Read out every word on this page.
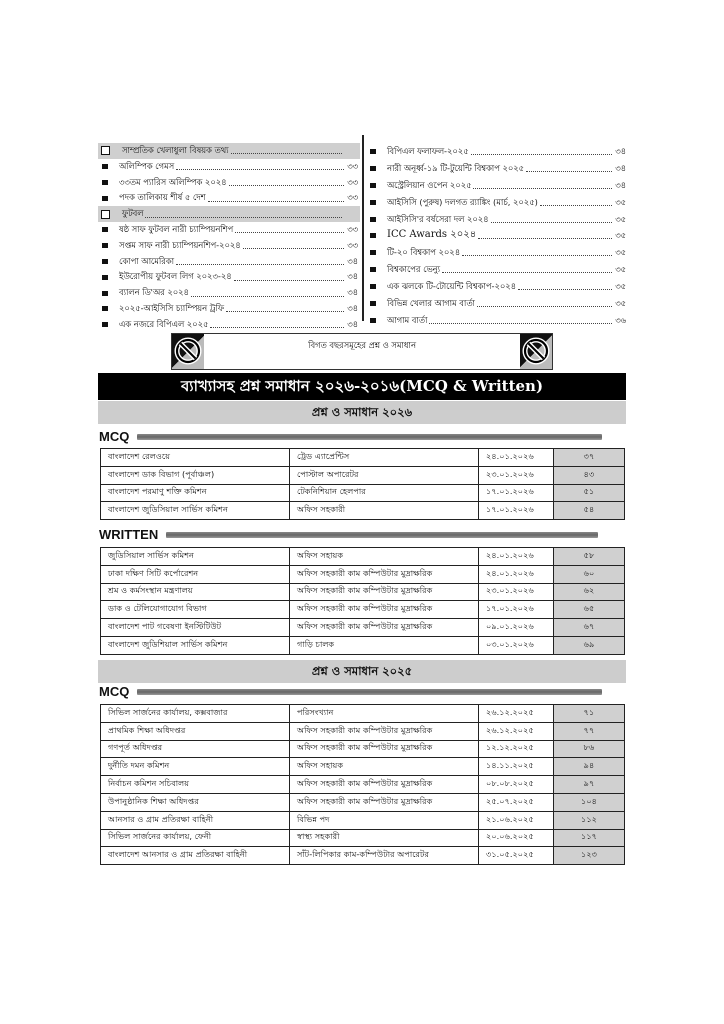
সাম্প্রতিক খেলাধুলা বিষয়ক তথ্য
অলিম্পিক গেমস	৩৩
৩৩তম প্যারিস অলিম্পিক ২০২৪	৩৩
পদক তালিকায় শীর্ষ ৫ দেশ	৩৩
ফুটবল
ষষ্ঠ সাফ ফুটবল নারী চ্যাম্পিয়নশিপ	৩৩
সপ্তম সাফ নারী চ্যাম্পিয়নশিপ-২০২৪	৩৩
কোপা আমেরিকা	৩৪
ইউরোপীয় ফুটবল লিগ ২০২৩-২৪	৩৪
ব্যালন ডি'অর ২০২৪	৩৪
২০২৫-আইসিসি চ্যাম্পিয়ন ট্রফি	৩৪
এক নজরে বিপিএল ২০২৫	৩৪
বিপিএল ফলাফল-২০২৫	৩৪
নারী অনূর্ধ্ব-১৯ টি-টুয়েন্টি বিশ্বকাপ ২০২৫	৩৪
অস্ট্রেলিয়ান ওপেন ২০২৫	৩৪
আইসিসি (পুরুষ) দলগত র‍্যাঙ্কিং (মার্চ, ২০২৫)	৩৫
আইসিসি'র বর্ষসেরা দল ২০২৪	৩৫
ICC Awards ২০২৪	৩৫
টি-২০ বিশ্বকাপ ২০২৪	৩৫
বিশ্বকাপের ভেন্যু	৩৫
এক ঝলকে টি-টোয়েন্টি বিশ্বকাপ-২০২৪	৩৫
বিভিন্ন খেলার আগাম বার্তা	৩৫
আগাম বার্তা	৩৬
বিগত বছরসমূহের প্রশ্ন ও সমাধান
ব্যাখ্যাসহ প্রশ্ন সমাধান ২০২৬-২০১৬(MCQ & Written)
প্রশ্ন ও সমাধান ২০২৬
MCQ
বাংলাদেশ রেলওয়ে	ট্রেড এ্যাপ্রেন্টিস	২৪.০১.২০২৬	৩৭
বাংলাদেশ ডাক বিভাগ (পূর্বাঞ্চল)	পোস্টাল অপারেটর	২৩.০১.২০২৬	৪৩
বাংলাদেশ পরমাণু শক্তি কমিশন	টেকনিশিয়ান হেলপার	১৭.০১.২০২৬	৫১
বাংলাদেশ জুডিসিয়াল সার্ভিস কমিশন	অফিস সহকারী	১৭.০১.২০২৬	৫৪
WRITTEN
জুডিসিয়াল সার্ভিস কমিশন	অফিস সহায়ক	২৪.০১.২০২৬	৫৮
ঢাকা দক্ষিণ সিটি কর্পোরেশন	অফিস সহকারী কাম কম্পিউটার মুদ্রাক্ষরিক	২৪.০১.২০২৬	৬০
শ্রম ও কর্মসংস্থান মন্ত্রণালয়	অফিস সহকারী কাম কম্পিউটার মুদ্রাক্ষরিক	২৩.০১.২০২৬	৬২
ডাক ও টেলিযোগাযোগ বিভাগ	অফিস সহকারী কাম কম্পিউটার মুদ্রাক্ষরিক	১৭.০১.২০২৬	৬৫
বাংলাদেশ পাট গবেষণা ইনস্টিটিউট	অফিস সহকারী কাম কম্পিউটার মুদ্রাক্ষরিক	০৯.০১.২০২৬	৬৭
বাংলাদেশ জুডিশিয়াল সার্ভিস কমিশন	গাড়ি চালক	০৩.০১.২০২৬	৬৯
প্রশ্ন ও সমাধান ২০২৫
MCQ
সিভিল সার্জনের কার্যালয়, কক্সবাজার	পরিসংখ্যান	২৬.১২.২০২৫	৭১
প্রাথমিক শিক্ষা অধিদপ্তর	অফিস সহকারী কাম কম্পিউটার মুদ্রাক্ষরিক	২৬.১২.২০২৫	৭৭
গণপূর্ত অধিদপ্তর	অফিস সহকারী কাম কম্পিউটার মুদ্রাক্ষরিক	১২.১২.২০২৫	৮৬
দুর্নীতি দমন কমিশন	অফিস সহায়ক	১৪.১১.২০২৫	৯৪
নির্বাচন কমিশন সচিবালয়	অফিস সহকারী কাম কম্পিউটার মুদ্রাক্ষরিক	০৮.০৮.২০২৫	৯৭
উপানুষ্ঠানিক শিক্ষা অধিদপ্তর	অফিস সহকারী কাম কম্পিউটার মুদ্রাক্ষরিক	২৫.০৭.২০২৫	১০৪
আনসার ও গ্রাম প্রতিরক্ষা বাহিনী	বিভিন্ন পদ	২১.০৬.২০২৫	১১২
সিভিল সার্জনের কার্যালয়, ফেনী	স্বাস্থ্য সহকারী	২০.০৬.২০২৫	১১৭
বাংলাদেশ আনসার ও গ্রাম প্রতিরক্ষা বাহিনী	সাঁট-লিপিকার কাম-কম্পিউটার অপারেটর	৩১.০৫.২০২৫	১২৩
